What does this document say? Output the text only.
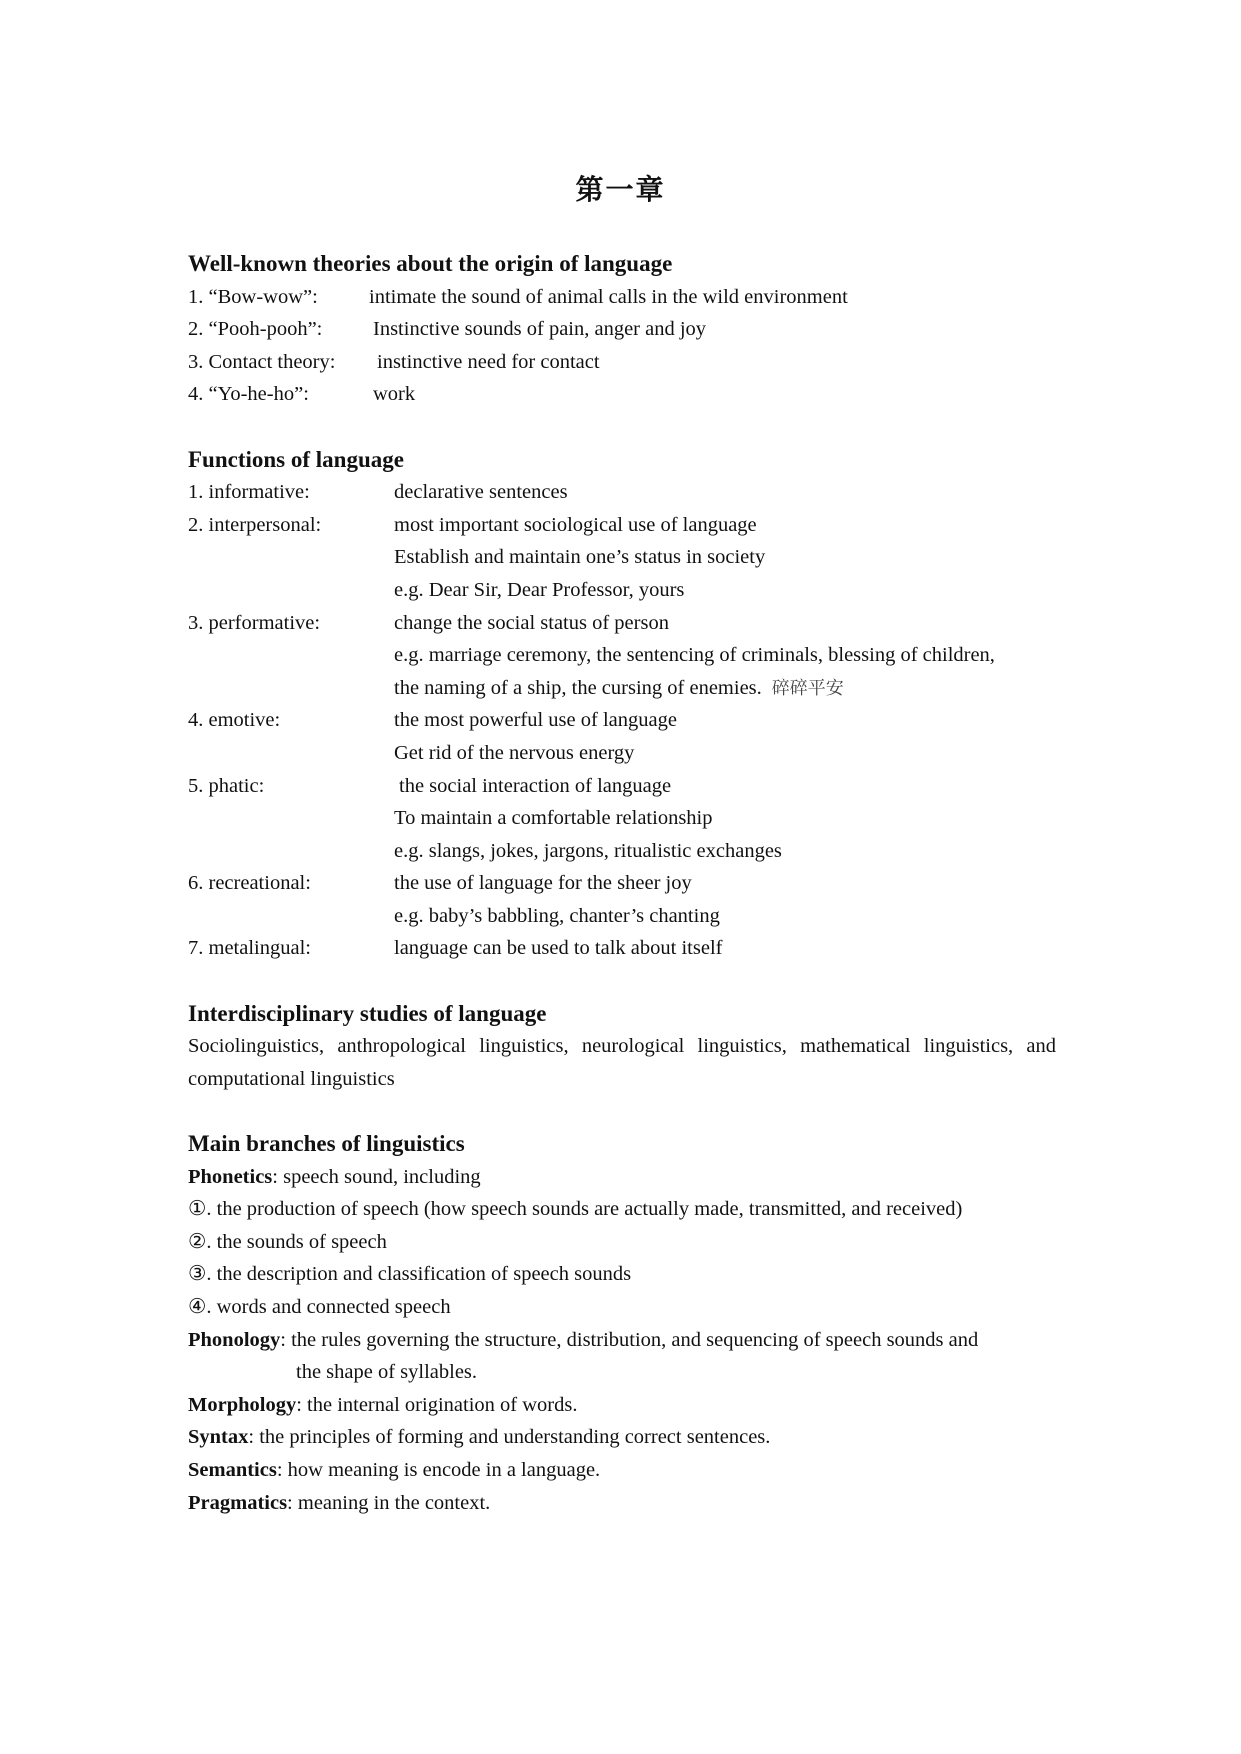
第一章
Well-known theories about the origin of language
1. “Bow-wow”: intimate the sound of animal calls in the wild environment
2. “Pooh-pooh”: Instinctive sounds of pain, anger and joy
3. Contact theory: instinctive need for contact
4. “Yo-he-ho”:	work
Functions of language
1. informative:	declarative sentences
2. interpersonal:	most important sociological use of language
Establish and maintain one’s status in society
e.g. Dear Sir, Dear Professor, yours
3. performative:	change the social status of person
e.g. marriage ceremony, the sentencing of criminals, blessing of children,
the naming of a ship, the cursing of enemies. 碎碎平安
4. emotive:	the most powerful use of language
Get rid of the nervous energy
5. phatic:	the social interaction of language
To maintain a comfortable relationship
e.g. slangs, jokes, jargons, ritualistic exchanges
6. recreational:	the use of language for the sheer joy
e.g. baby’s babbling, chanter’s chanting
7. metalingual:	language can be used to talk about itself
Interdisciplinary studies of language
Sociolinguistics, anthropological linguistics, neurological linguistics, mathematical linguistics, and computational linguistics
Main branches of linguistics
Phonetics: speech sound, including
①. the production of speech (how speech sounds are actually made, transmitted, and received)
②. the sounds of speech
③. the description and classification of speech sounds
④. words and connected speech
Phonology: the rules governing the structure, distribution, and sequencing of speech sounds and
the shape of syllables.
Morphology: the internal origination of words.
Syntax: the principles of forming and understanding correct sentences.
Semantics: how meaning is encode in a language.
Pragmatics: meaning in the context.
